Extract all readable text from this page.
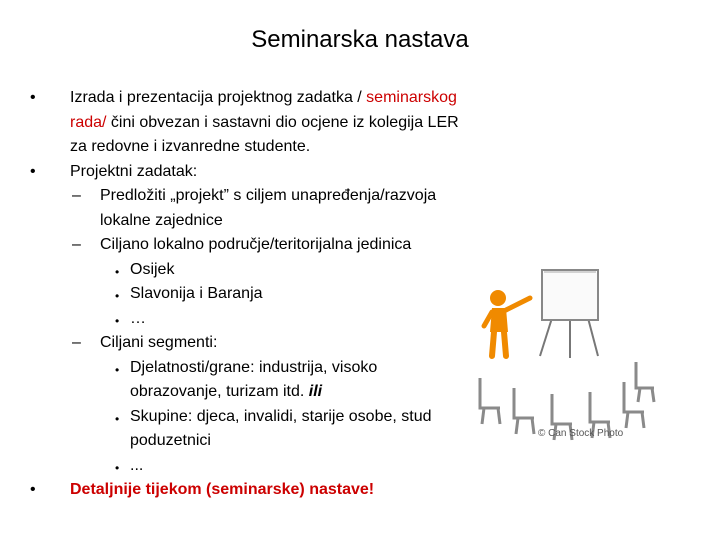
Seminarska nastava
© Can Stock Photo
• Izrada i prezentacija projektnog zadatka / seminarskog
rada/ čini obvezan i sastavni dio ocjene iz kolegija LER
za redovne i izvanredne studente.
• Projektni zadatak:
– Predložiti „projekt” s ciljem unapređenja/razvoja
lokalne zajednice
– Ciljano lokalno područje/teritorijalna jedinica
• Osijek
• Slavonija i Baranja
• …
– Ciljani segmenti:
• Djelatnosti/grane: industrija, visoko
obrazovanje, turizam itd. ili
• Skupine: djeca, invalidi, starije osobe, stud
poduzetnici
• ...
• Detaljnije tijekom (seminarske) nastave!
